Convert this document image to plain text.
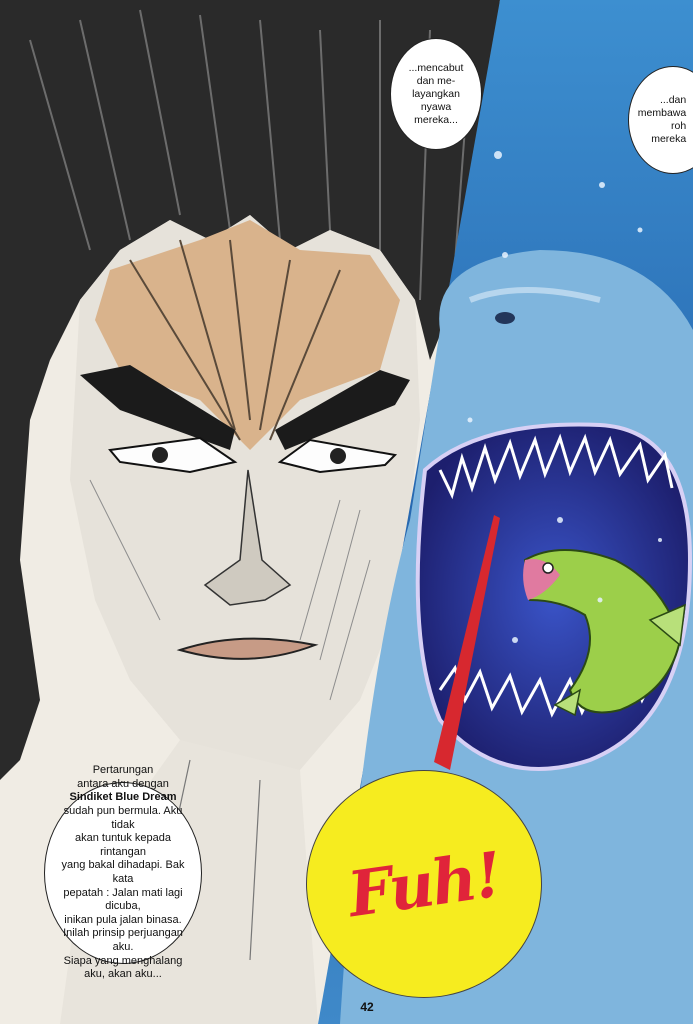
...mencabut
dan me-
layangkan
nyawa
mereka...
...dan
membawa
roh
mereka
Pertarungan
antara aku dengan
Sindiket Blue Dream
sudah pun bermula. Aku tidak
akan tuntuk kepada rintangan
yang bakal dihadapi. Bak kata
pepatah : Jalan mati lagi dicuba,
inikan pula jalan binasa.
Inilah prinsip perjuangan aku.
Siapa yang menghalang
aku, akan aku...
Fuh!
42
